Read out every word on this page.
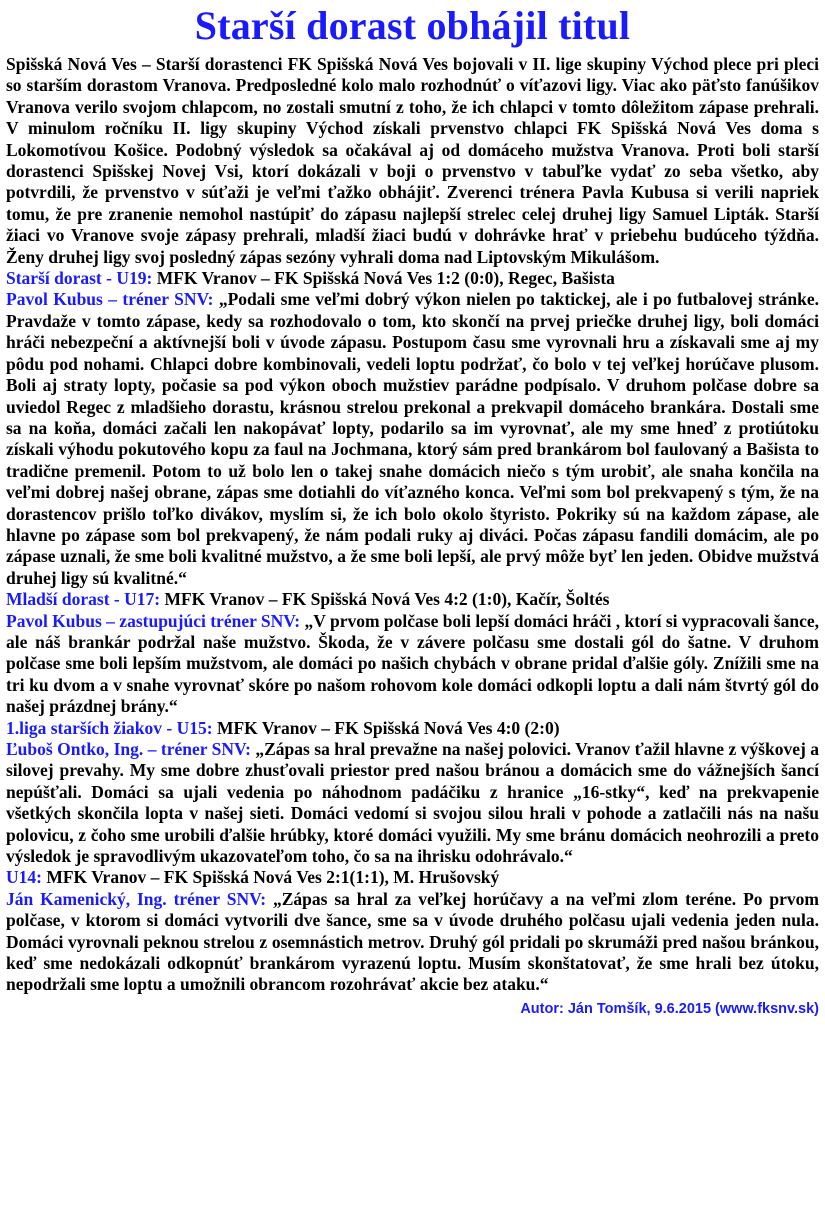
Starší dorast obhájil titul

Spišská Nová Ves – Starší dorastenci FK Spišská Nová Ves bojovali v II. lige skupiny Východ plece pri pleci so starším dorastom Vranova. Predposledné kolo malo rozhodnúť o víťazovi ligy. Viac ako päťsto fanúšikov Vranova verilo svojom chlapcom, no zostali smutní z toho, že ich chlapci v tomto dôležitom zápase prehrali. V minulom ročníku II. ligy skupiny Východ získali prvenstvo chlapci FK Spišská Nová Ves doma s Lokomotívou Košice. Podobný výsledok sa očakával aj od domáceho mužstva Vranova. Proti boli starší dorastenci Spišskej Novej Vsi, ktorí dokázali v boji o prvenstvo v tabuľke vydať zo seba všetko, aby potvrdili, že prvenstvo v súťaži je veľmi ťažko obhájiť. Zverenci trénera Pavla Kubusa si verili napriek tomu, že pre zranenie nemohol nastúpiť do zápasu najlepší strelec celej druhej ligy Samuel Lipták. Starší žiaci vo Vranove svoje zápasy prehrali, mladší žiaci budú v dohrávke hrať v priebehu budúceho týždňa. Ženy druhej ligy svoj posledný zápas sezóny vyhrali doma nad Liptovským Mikulášom.

Starší dorast - U19: MFK Vranov – FK Spišská Nová Ves 1:2 (0:0), Regec, Bašista

Pavol Kubus – tréner SNV: „Podali sme veľmi dobrý výkon nielen po taktickej, ale i po futbalovej stránke. Pravdaže v tomto zápase, kedy sa rozhodovalo o tom, kto skončí na prvej priečke druhej ligy, boli domáci hráči nebezpeční a aktívnejší boli v úvode zápasu. Postupom času sme vyrovnali hru a získavali sme aj my pôdu pod nohami. Chlapci dobre kombinovali, vedeli loptu podržať, čo bolo v tej veľkej horúčave plusom. Boli aj straty lopty, počasie sa pod výkon oboch mužstiev parádne podpísalo. V druhom polčase dobre sa uviedol Regec z mladšieho dorastu, krásnou strelou prekonal a prekvapil domáceho brankára. Dostali sme sa na koňa, domáci začali len nakopávať lopty, podarilo sa im vyrovnať, ale my sme hneď z protiútoku získali výhodu pokutového kopu za faul na Jochmana, ktorý sám pred brankárom bol faulovaný a Bašista to tradične premenil. Potom to už bolo len o takej snahe domácich niečo s tým urobiť, ale snaha končila na veľmi dobrej našej obrane, zápas sme dotiahli do víťazného konca. Veľmi som bol prekvapený s tým, že na dorastencov prišlo toľko divákov, myslím si, že ich bolo okolo štyristo. Pokriky sú na každom zápase, ale hlavne po zápase som bol prekvapený, že nám podali ruky aj diváci. Počas zápasu fandili domácim, ale po zápase uznali, že sme boli kvalitné mužstvo, a že sme boli lepší, ale prvý môže byť len jeden. Obidve mužstvá druhej ligy sú kvalitné.“

Mladší dorast - U17: MFK Vranov – FK Spišská Nová Ves 4:2 (1:0), Kačír, Šoltés

Pavol Kubus – zastupujúci tréner SNV: „V prvom polčase boli lepší domáci hráči , ktorí si vypracovali šance, ale náš brankár podržal naše mužstvo. Škoda, že v závere polčasu sme dostali gól do šatne. V druhom polčase sme boli lepším mužstvom, ale domáci po našich chybách v obrane pridal ďalšie góly. Znížili sme na tri ku dvom a v snahe vyrovnať skóre po našom rohovom kole domáci odkopli loptu a dali nám štvrtý gól do našej prázdnej brány.“

1.liga starších žiakov - U15: MFK Vranov – FK Spišská Nová Ves 4:0 (2:0)

Ľuboš Ontko, Ing. – tréner SNV: „Zápas sa hral prevažne na našej polovici. Vranov ťažil hlavne z výškovej a silovej prevahy. My sme dobre zhusťovali priestor pred našou bránou a domácich sme do vážnejších šancí nepúšťali. Domáci sa ujali vedenia po náhodnom padáčiku z hranice „16-stky“, keď na prekvapenie všetkých skončila lopta v našej sieti. Domáci vedomí si svojou silou hrali v pohode a zatlačili nás na našu polovicu, z čoho sme urobili ďalšie hrúbky, ktoré domáci využili. My sme bránu domácich neohrozili a preto výsledok je spravodlivým ukazovateľom toho, čo sa na ihrisku odohrávalo.“

U14: MFK Vranov – FK Spišská Nová Ves 2:1(1:1), M. Hrušovský

Ján Kamenický, Ing. tréner SNV: „Zápas sa hral za veľkej horúčavy a na veľmi zlom teréne. Po prvom polčase, v ktorom si domáci vytvorili dve šance, sme sa v úvode druhého polčasu ujali vedenia jeden nula. Domáci vyrovnali peknou strelou z osemnástich metrov. Druhý gól pridali po skrumáži pred našou bránkou, keď sme nedokázali odkopnúť brankárom vyrazenú loptu. Musím skonštatovať, že sme hrali bez útoku, nepodržali sme loptu a umožnili obrancom rozohrávať akcie bez ataku.“
Autor: Ján Tomšík, 9.6.2015 (www.fksnv.sk)
